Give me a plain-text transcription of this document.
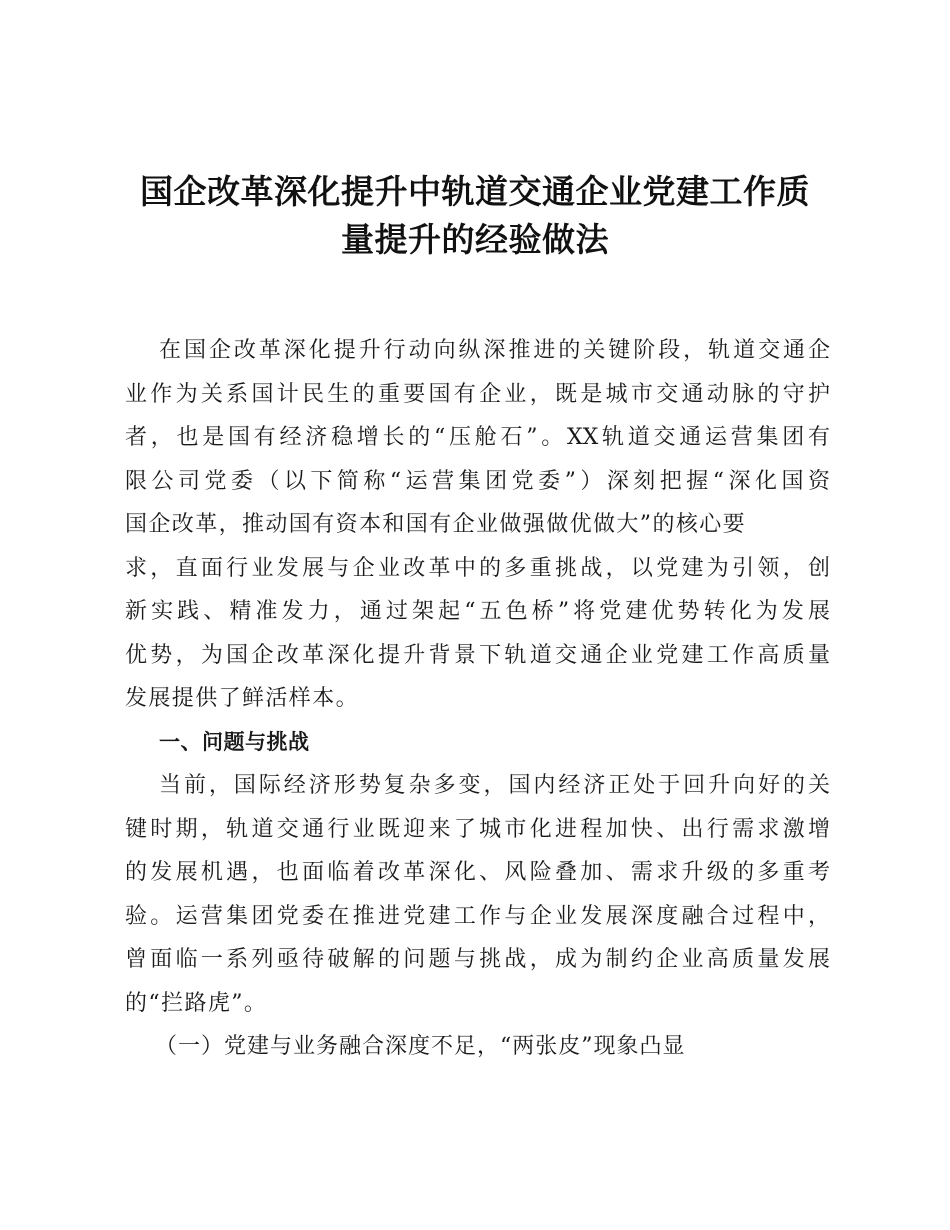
国企改革深化提升中轨道交通企业党建工作质
量提升的经验做法

在国企改革深化提升行动向纵深推进的关键阶段，轨道交通企
业作为关系国计民生的重要国有企业，既是城市交通动脉的守护
者，也是国有经济稳增长的“压舱石”。XX轨道交通运营集团有
限公司党委（以下简称“运营集团党委”）深刻把握“深化国资
国企改革，推动国有资本和国有企业做强做优做大”的核心要
求，直面行业发展与企业改革中的多重挑战，以党建为引领，创
新实践、精准发力，通过架起“五色桥”将党建优势转化为发展
优势，为国企改革深化提升背景下轨道交通企业党建工作高质量
发展提供了鲜活样本。

一、问题与挑战

当前，国际经济形势复杂多变，国内经济正处于回升向好的关
键时期，轨道交通行业既迎来了城市化进程加快、出行需求激增
的发展机遇，也面临着改革深化、风险叠加、需求升级的多重考
验。运营集团党委在推进党建工作与企业发展深度融合过程中，
曾面临一系列亟待破解的问题与挑战，成为制约企业高质量发展
的“拦路虎”。

（一）党建与业务融合深度不足，“两张皮”现象凸显
